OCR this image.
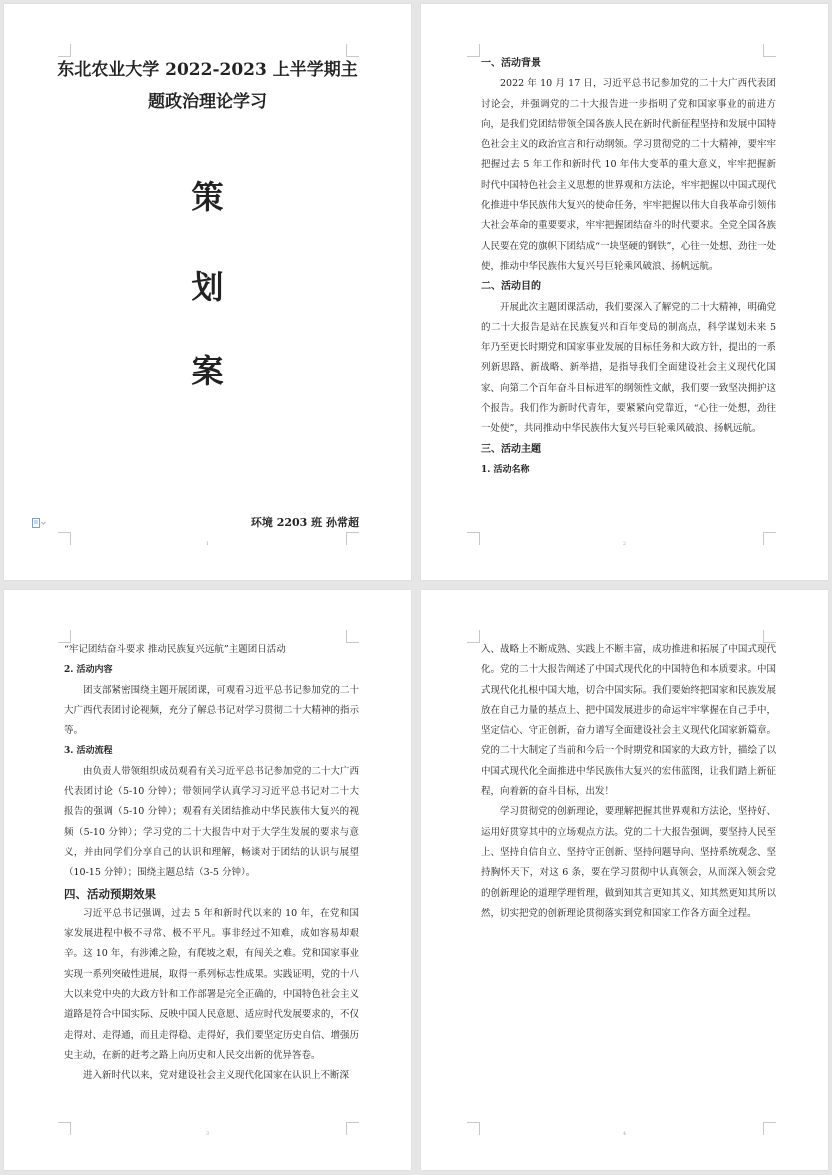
东北农业大学 2022-2023 上半学期主
题政治理论学习
策
划
案
环境 2203 班 孙常超
1

一、活动背景

2022 年 10 月 17 日，习近平总书记参加党的二十大广西代表团讨论会，并强调党的二十大报告进一步指明了党和国家事业的前进方向，是我们党团结带领全国各族人民在新时代新征程坚持和发展中国特色社会主义的政治宣言和行动纲领。学习贯彻党的二十大精神，要牢牢把握过去 5 年工作和新时代 10 年伟大变革的重大意义，牢牢把握新时代中国特色社会主义思想的世界观和方法论，牢牢把握以中国式现代化推进中华民族伟大复兴的使命任务，牢牢把握以伟大自我革命引领伟大社会革命的重要要求，牢牢把握团结奋斗的时代要求。全党全国各族人民要在党的旗帜下团结成“一块坚硬的钢铁”，心往一处想、劲往一处使，推动中华民族伟大复兴号巨轮乘风破浪、扬帆远航。

二、活动目的

开展此次主题团课活动，我们要深入了解党的二十大精神，明确党的二十大报告是站在民族复兴和百年变局的制高点，科学谋划未来 5 年乃至更长时期党和国家事业发展的目标任务和大政方针，提出的一系列新思路、新战略、新举措，是指导我们全面建设社会主义现代化国家、向第二个百年奋斗目标进军的纲领性文献，我们要一致坚决拥护这个报告。我们作为新时代青年，要紧紧向党靠近，“心往一处想，劲往一处使”，共同推动中华民族伟大复兴号巨轮乘风破浪、扬帆远航。

三、活动主题

1. 活动名称

2

“牢记团结奋斗要求 推动民族复兴远航”主题团日活动

2. 活动内容

团支部紧密围绕主题开展团课，可观看习近平总书记参加党的二十大广西代表团讨论视频，充分了解总书记对学习贯彻二十大精神的指示等。

3. 活动流程

由负责人带领组织成员观看有关习近平总书记参加党的二十大广西代表团讨论（5-10 分钟）；带领同学认真学习习近平总书记对二十大报告的强调（5-10 分钟）；观看有关团结推动中华民族伟大复兴的视频（5-10 分钟）；学习党的二十大报告中对于大学生发展的要求与意义，并由同学们分享自己的认识和理解，畅谈对于团结的认识与展望（10-15 分钟）；围绕主题总结（3-5 分钟）。

四、活动预期效果

习近平总书记强调，过去 5 年和新时代以来的 10 年，在党和国家发展进程中极不寻常、极不平凡。事非经过不知难，成如容易却艰辛。这 10 年，有涉滩之险，有爬坡之艰，有闯关之难。党和国家事业实现一系列突破性进展，取得一系列标志性成果。实践证明，党的十八大以来党中央的大政方针和工作部署是完全正确的，中国特色社会主义道路是符合中国实际、反映中国人民意愿、适应时代发展要求的，不仅走得对、走得通，而且走得稳、走得好，我们要坚定历史自信、增强历史主动，在新的赶考之路上向历史和人民交出新的优异答卷。

进入新时代以来，党对建设社会主义现代化国家在认识上不断深

3

入、战略上不断成熟、实践上不断丰富，成功推进和拓展了中国式现代化。党的二十大报告阐述了中国式现代化的中国特色和本质要求。中国式现代化扎根中国大地，切合中国实际。我们要始终把国家和民族发展放在自己力量的基点上、把中国发展进步的命运牢牢掌握在自己手中，坚定信心、守正创新，奋力谱写全面建设社会主义现代化国家新篇章。党的二十大制定了当前和今后一个时期党和国家的大政方针，描绘了以中国式现代化全面推进中华民族伟大复兴的宏伟蓝图，让我们踏上新征程，向着新的奋斗目标，出发！

学习贯彻党的创新理论，要理解把握其世界观和方法论，坚持好、运用好贯穿其中的立场观点方法。党的二十大报告强调，要坚持人民至上、坚持自信自立、坚持守正创新、坚持问题导向、坚持系统观念、坚持胸怀天下，对这 6 条，要在学习贯彻中认真领会，从而深入领会党的创新理论的道理学理哲理，做到知其言更知其义、知其然更知其所以然，切实把党的创新理论贯彻落实到党和国家工作各方面全过程。

4
